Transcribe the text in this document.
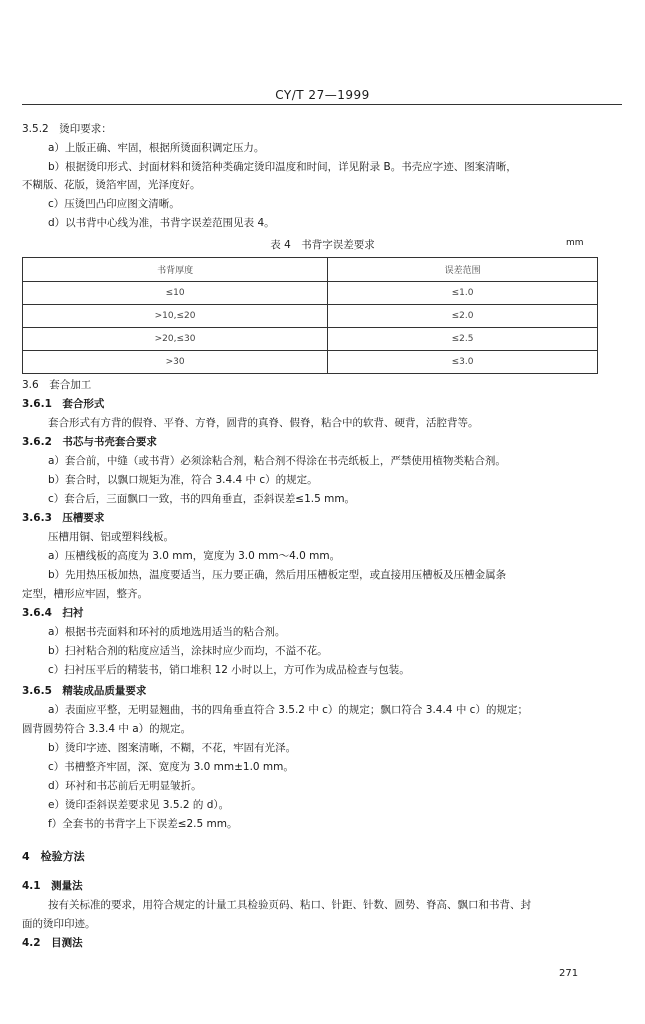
CY/T 27—1999
3.5.2　烫印要求：
a）上版正确、牢固，根据所烫面积调定压力。
b）根据烫印形式、封面材料和烫箔种类确定烫印温度和时间，详见附录 B。书壳应字迹、图案清晰，
不糊版、花版，烫箔牢固，光泽度好。
c）压烫凹凸印应图文清晰。
d）以书背中心线为准，书背字误差范围见表 4。
表 4　书背字误差要求	mm
书背厚度	误差范围
≤10	≤1.0
>10,≤20	≤2.0
>20,≤30	≤2.5
>30	≤3.0
3.6　套合加工
3.6.1　套合形式
套合形式有方背的假脊、平脊、方脊，圆背的真脊、假脊，粘合中的软背、硬背，活腔背等。
3.6.2　书芯与书壳套合要求
a）套合前，中缝（或书背）必须涂粘合剂，粘合剂不得涂在书壳纸板上，严禁使用植物类粘合剂。
b）套合时，以飘口规矩为准，符合 3.4.4 中 c）的规定。
c）套合后，三面飘口一致，书的四角垂直，歪斜误差≤1.5 mm。
3.6.3　压槽要求
压槽用铜、铝或塑料线板。
a）压槽线板的高度为 3.0 mm，宽度为 3.0 mm～4.0 mm。
b）先用热压板加热，温度要适当，压力要正确，然后用压槽板定型，或直接用压槽板及压槽金属条
定型，槽形应牢固，整齐。
3.6.4　扫衬
a）根据书壳面料和环衬的质地选用适当的粘合剂。
b）扫衬粘合剂的粘度应适当，涂抹时应少而均，不溢不花。
c）扫衬压平后的精装书，销口堆积 12 小时以上，方可作为成品检查与包装。
3.6.5　精装成品质量要求
a）表面应平整，无明显翘曲，书的四角垂直符合 3.5.2 中 c）的规定；飘口符合 3.4.4 中 c）的规定；
圆背圆势符合 3.3.4 中 a）的规定。
b）烫印字迹、图案清晰，不糊，不花，牢固有光泽。
c）书槽整齐牢固，深、宽度为 3.0 mm±1.0 mm。
d）环衬和书芯前后无明显皱折。
e）烫印歪斜误差要求见 3.5.2 的 d）。
f）全套书的书背字上下误差≤2.5 mm。
4　检验方法
4.1　测量法
按有关标准的要求，用符合规定的计量工具检验页码、粘口、针距、针数、圆势、脊高、飘口和书背、封
面的烫印印迹。
4.2　目测法
271
